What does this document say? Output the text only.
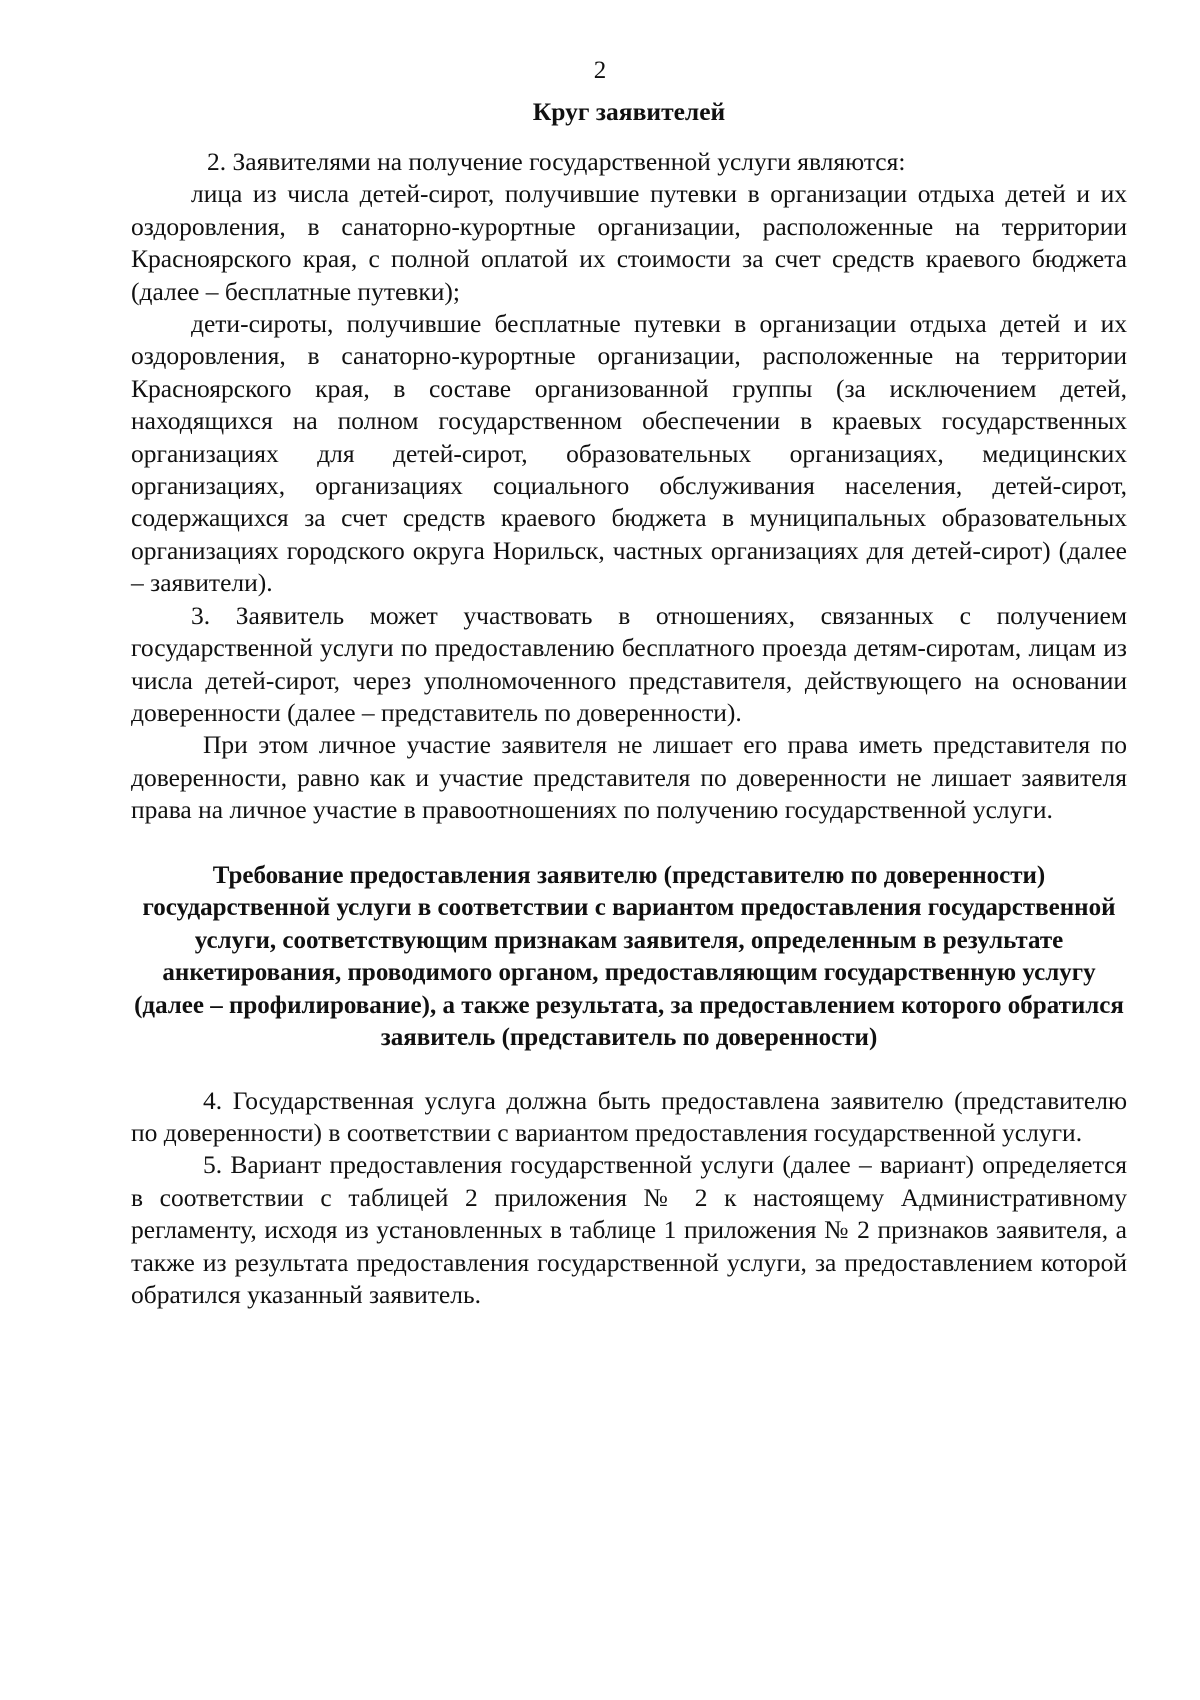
2
Круг заявителей

2. Заявителями на получение государственной услуги являются:

лица из числа детей-сирот, получившие путевки в организации отдыха детей и их оздоровления, в санаторно-курортные организации, расположенные на территории Красноярского края, с полной оплатой их стоимости за счет средств краевого бюджета (далее – бесплатные путевки);

дети-сироты, получившие бесплатные путевки в организации отдыха детей и их оздоровления, в санаторно-курортные организации, расположенные на территории Красноярского края, в составе организованной группы (за исключением детей, находящихся на полном государственном обеспечении в краевых государственных организациях для детей-сирот, образовательных организациях, медицинских организациях, организациях социального обслуживания населения, детей-сирот, содержащихся за счет средств краевого бюджета в муниципальных образовательных организациях городского округа Норильск, частных организациях для детей-сирот) (далее – заявители).

3. Заявитель может участвовать в отношениях, связанных с получением государственной услуги по предоставлению бесплатного проезда детям-сиротам, лицам из числа детей-сирот, через уполномоченного представителя, действующего на основании доверенности (далее – представитель по доверенности).

При этом личное участие заявителя не лишает его права иметь представителя по доверенности, равно как и участие представителя по доверенности не лишает заявителя права на личное участие в правоотношениях по получению государственной услуги.

Требование предоставления заявителю (представителю по доверенности) государственной услуги в соответствии с вариантом предоставления государственной услуги, соответствующим признакам заявителя, определенным в результате анкетирования, проводимого органом, предоставляющим государственную услугу (далее – профилирование), а также результата, за предоставлением которого обратился заявитель (представитель по доверенности)

4. Государственная услуга должна быть предоставлена заявителю (представителю по доверенности) в соответствии с вариантом предоставления государственной услуги.

5. Вариант предоставления государственной услуги (далее – вариант) определяется в соответствии с таблицей 2 приложения № 2 к настоящему Административному регламенту, исходя из установленных в таблице 1 приложения № 2 признаков заявителя, а также из результата предоставления государственной услуги, за предоставлением которой обратился указанный заявитель.
